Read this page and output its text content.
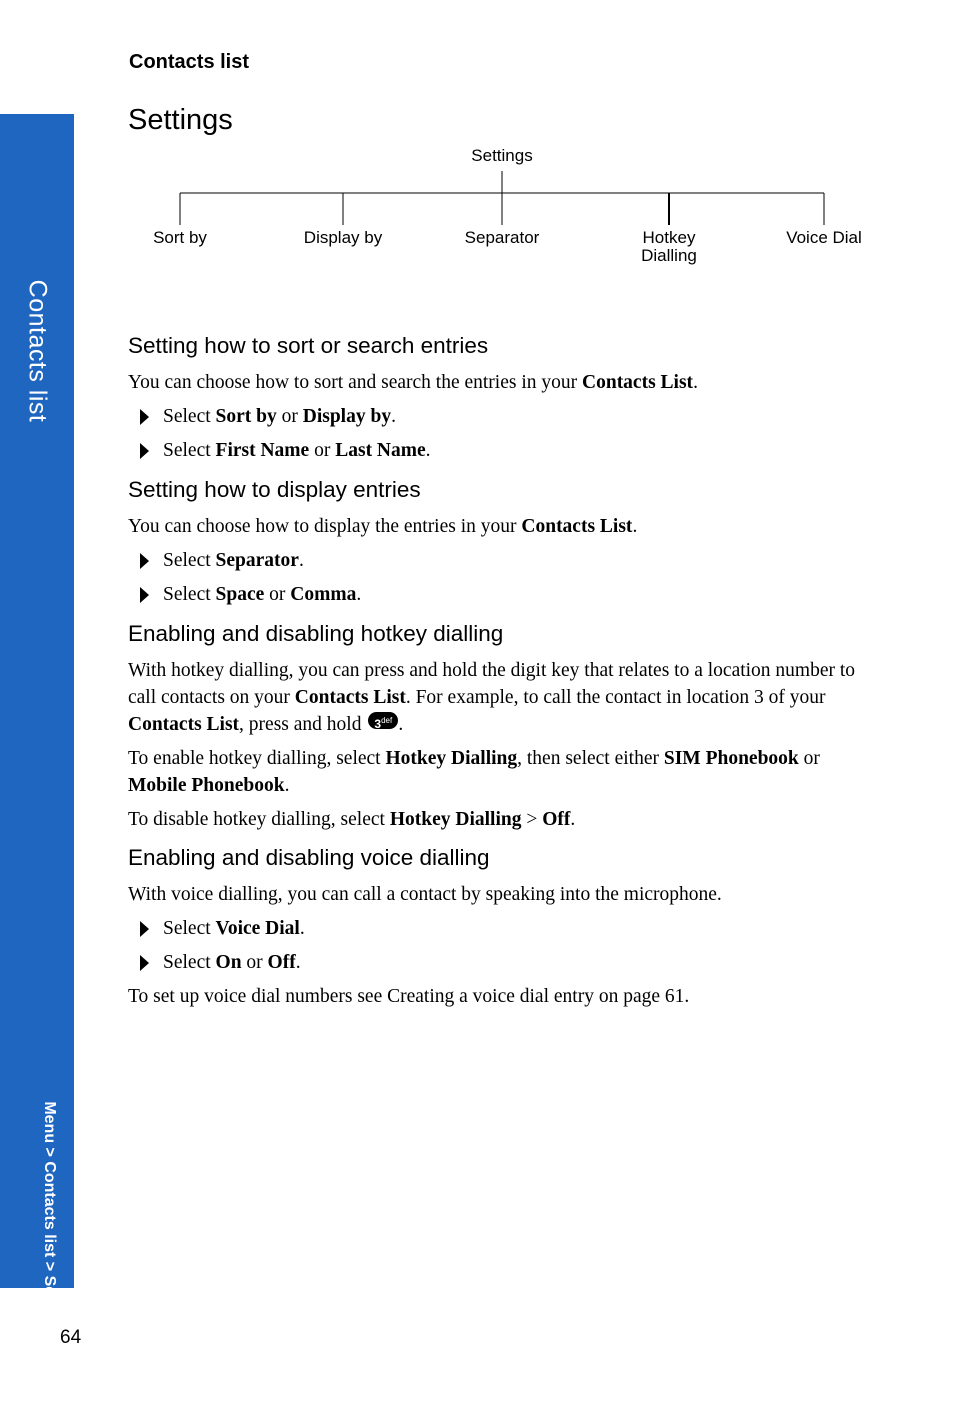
Contacts list
Menu > Contacts list > Settings
Contacts list
Settings
Settings
Sort by	Display by	Separator	Hotkey
Dialling
Voice Dial
Setting how to sort or search entries

You can choose how to sort and search the entries in your Contacts List.

Select Sort by or Display by.
Select First Name or Last Name.
Setting how to display entries

You can choose how to display the entries in your Contacts List.

Select Separator.
Select Space or Comma.
Enabling and disabling hotkey dialling

With hotkey dialling, you can press and hold the digit key that relates to a location number to call contacts on your Contacts List. For example, to call the contact in location 3 of your Contacts List, press and hold $3^{def}$ .

To enable hotkey dialling, select Hotkey Dialling, then select either SIM Phonebook or Mobile Phonebook.

To disable hotkey dialling, select Hotkey Dialling > Off.

Enabling and disabling voice dialling

With voice dialling, you can call a contact by speaking into the microphone.

Select Voice Dial.
Select On or Off.

To set up voice dial numbers see Creating a voice dial entry on page 61.

64
